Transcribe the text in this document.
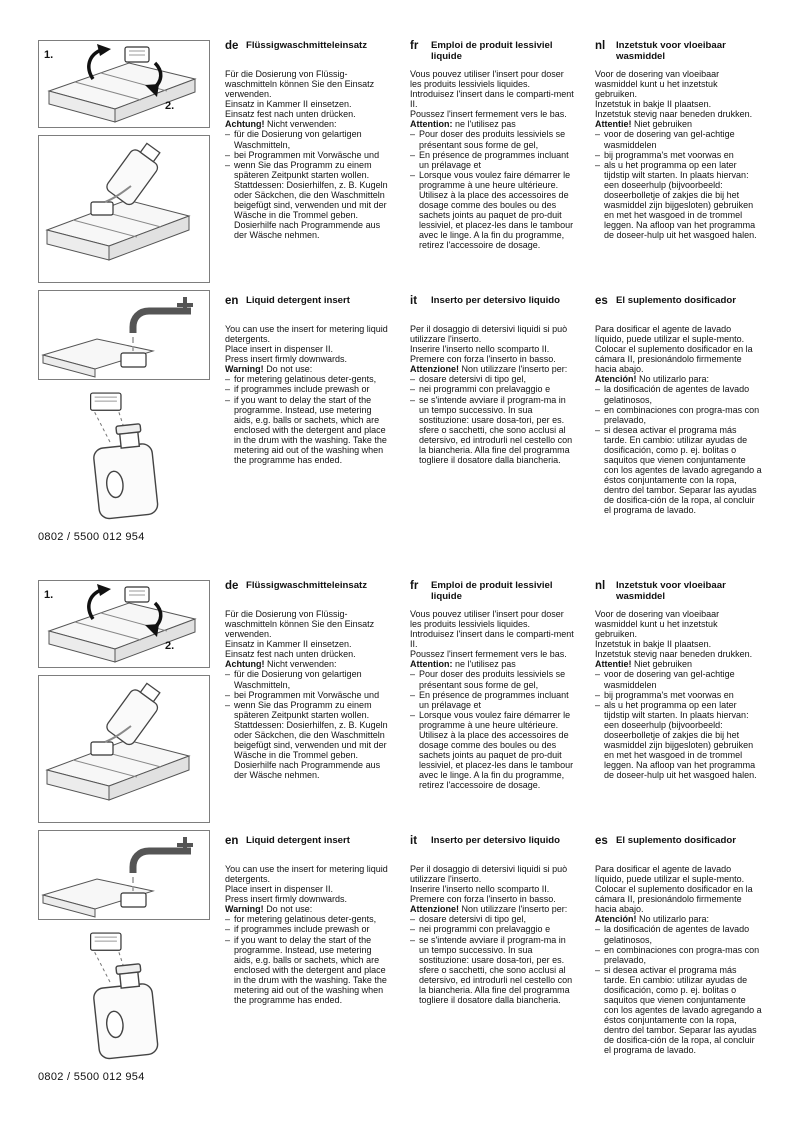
1.
2.
de Flüssigwaschmitteleinsatz

Für die Dosierung von Flüssig-waschmitteln können Sie den Einsatz verwenden.

Einsatz in Kammer II einsetzen.

Einsatz fest nach unten drücken.

Achtung! Nicht verwenden:

– für die Dosierung von gelartigen Waschmitteln,
– bei Programmen mit Vorwäsche und
– wenn Sie das Programm zu einem späteren Zeitpunkt starten wollen. Stattdessen: Dosierhilfen, z. B. Kugeln oder Säckchen, die den Waschmitteln beigefügt sind, verwenden und mit der Wäsche in die Trommel geben. Dosierhilfe nach Programmende aus der Wäsche nehmen.
fr	Emploi de produit lessiviel liquide

Vous pouvez utiliser l'insert pour doser les produits lessiviels liquides.

Introduisez l'insert dans le comparti-ment II.

Poussez l'insert fermement vers le bas.

Attention: ne l'utilisez pas

– Pour doser des produits lessiviels se présentant sous forme de gel,
– En présence de programmes incluant un prélavage et
– Lorsque vous voulez faire démarrer le programme à une heure ultérieure. Utilisez à la place des accessoires de dosage comme des boules ou des sachets joints au paquet de pro-duit lessiviel, et placez-les dans le tambour avec le linge. A la fin du programme, retirez l'accessoire de dosage.
nl	Inzetstuk voor vloeibaar wasmiddel

Voor de dosering van vloeibaar wasmiddel kunt u het inzetstuk gebruiken.

Inzetstuk in bakje II plaatsen.

Inzetstuk stevig naar beneden drukken.

Attentie! Niet gebruiken

– voor de dosering van gel-achtige wasmiddelen
– bij programma's met voorwas en
– als u het programma op een later tijdstip wilt starten. In plaats hiervan: een doseerhulp (bijvoorbeeld: doseerbolletje of zakjes die bij het wasmiddel zijn bijgesloten) gebruiken en met het wasgoed in de trommel leggen. Na afloop van het programma de doseer-hulp uit het wasgoed halen.
en Liquid detergent insert

You can use the insert for metering liquid detergents.

Place insert in dispenser II.

Press insert firmly downwards.

Warning! Do not use:

– for metering gelatinous deter-gents,
– if programmes include prewash or
– if you want to delay the start of the programme. Instead, use metering aids, e.g. balls or sachets, which are enclosed with the detergent and place in the drum with the washing. Take the metering aid out of the washing when the programme has ended.
it	Inserto per detersivo liquido

Per il dosaggio di detersivi liquidi si può utilizzare l'inserto.

Inserire l'inserto nello scomparto II.

Premere con forza l'inserto in basso.

Attenzione! Non utilizzare l'inserto per:

– dosare detersivi di tipo gel,
– nei programmi con prelavaggio e
– se s'intende avviare il program-ma in un tempo successivo. In sua sostituzione: usare dosa-tori, per es. sfere o sacchetti, che sono acclusi al detersivo, ed introdurli nel cestello con la biancheria. Alla fine del programma togliere il dosatore dalla biancheria.
es El suplemento dosificador

Para dosificar el agente de lavado líquido, puede utilizar el suple-mento.

Colocar el suplemento dosificador en la cámara II, presionándolo firmemente hacia abajo.

Atención! No utilizarlo para:

– la dosificación de agentes de lavado gelatinosos,
– en combinaciones con progra-mas con prelavado,
– si desea activar el programa más tarde. En cambio: utilizar ayudas de dosificación, como p. ej. bolitas o saquitos que vienen conjuntamente con los agentes de lavado agregando a éstos conjuntamente con la ropa, dentro del tambor. Separar las ayudas de dosifica-ción de la ropa, al concluir el programa de lavado.
0802 / 5500 012 954
1.
2.
de Flüssigwaschmitteleinsatz

Für die Dosierung von Flüssig-waschmitteln können Sie den Einsatz verwenden.

Einsatz in Kammer II einsetzen.

Einsatz fest nach unten drücken.

Achtung! Nicht verwenden:

– für die Dosierung von gelartigen Waschmitteln,
– bei Programmen mit Vorwäsche und
– wenn Sie das Programm zu einem späteren Zeitpunkt starten wollen. Stattdessen: Dosierhilfen, z. B. Kugeln oder Säckchen, die den Waschmitteln beigefügt sind, verwenden und mit der Wäsche in die Trommel geben. Dosierhilfe nach Programmende aus der Wäsche nehmen.
fr	Emploi de produit lessiviel liquide

Vous pouvez utiliser l'insert pour doser les produits lessiviels liquides.

Introduisez l'insert dans le comparti-ment II.

Poussez l'insert fermement vers le bas.

Attention: ne l'utilisez pas

– Pour doser des produits lessiviels se présentant sous forme de gel,
– En présence de programmes incluant un prélavage et
– Lorsque vous voulez faire démarrer le programme à une heure ultérieure. Utilisez à la place des accessoires de dosage comme des boules ou des sachets joints au paquet de pro-duit lessiviel, et placez-les dans le tambour avec le linge. A la fin du programme, retirez l'accessoire de dosage.
nl	Inzetstuk voor vloeibaar wasmiddel

Voor de dosering van vloeibaar wasmiddel kunt u het inzetstuk gebruiken.

Inzetstuk in bakje II plaatsen.

Inzetstuk stevig naar beneden drukken.

Attentie! Niet gebruiken

– voor de dosering van gel-achtige wasmiddelen
– bij programma's met voorwas en
– als u het programma op een later tijdstip wilt starten. In plaats hiervan: een doseerhulp (bijvoorbeeld: doseerbolletje of zakjes die bij het wasmiddel zijn bijgesloten) gebruiken en met het wasgoed in de trommel leggen. Na afloop van het programma de doseer-hulp uit het wasgoed halen.
en Liquid detergent insert

You can use the insert for metering liquid detergents.

Place insert in dispenser II.

Press insert firmly downwards.

Warning! Do not use:

– for metering gelatinous deter-gents,
– if programmes include prewash or
– if you want to delay the start of the programme. Instead, use metering aids, e.g. balls or sachets, which are enclosed with the detergent and place in the drum with the washing. Take the metering aid out of the washing when the programme has ended.
it	Inserto per detersivo liquido

Per il dosaggio di detersivi liquidi si può utilizzare l'inserto.

Inserire l'inserto nello scomparto II.

Premere con forza l'inserto in basso.

Attenzione! Non utilizzare l'inserto per:

– dosare detersivi di tipo gel,
– nei programmi con prelavaggio e
– se s'intende avviare il program-ma in un tempo successivo. In sua sostituzione: usare dosa-tori, per es. sfere o sacchetti, che sono acclusi al detersivo, ed introdurli nel cestello con la biancheria. Alla fine del programma togliere il dosatore dalla biancheria.
es El suplemento dosificador

Para dosificar el agente de lavado líquido, puede utilizar el suple-mento.

Colocar el suplemento dosificador en la cámara II, presionándolo firmemente hacia abajo.

Atención! No utilizarlo para:

– la dosificación de agentes de lavado gelatinosos,
– en combinaciones con progra-mas con prelavado,
– si desea activar el programa más tarde. En cambio: utilizar ayudas de dosificación, como p. ej. bolitas o saquitos que vienen conjuntamente con los agentes de lavado agregando a éstos conjuntamente con la ropa, dentro del tambor. Separar las ayudas de dosifica-ción de la ropa, al concluir el programa de lavado.
0802 / 5500 012 954
